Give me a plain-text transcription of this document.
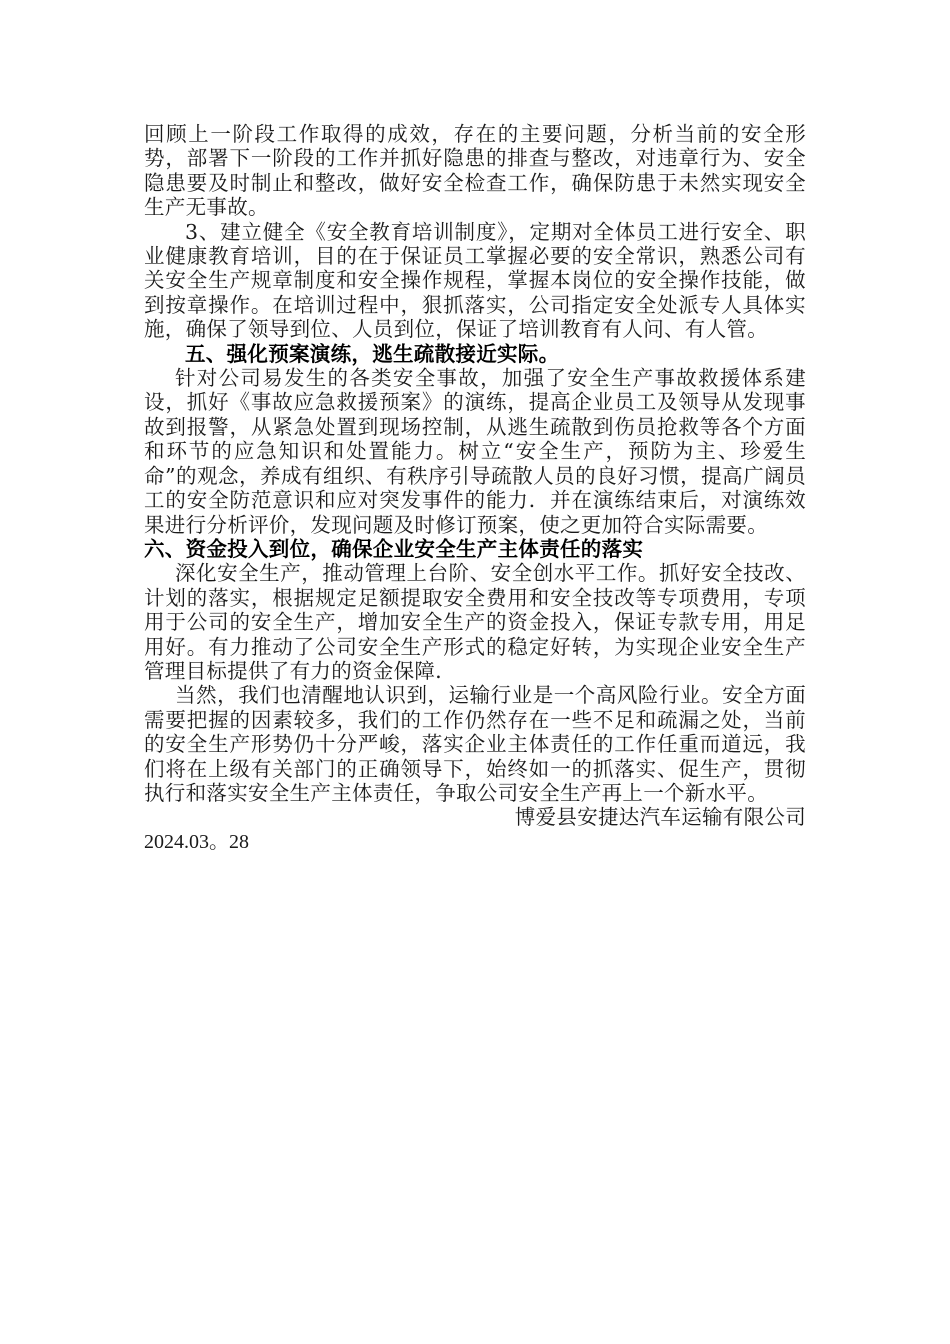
回顾上一阶段工作取得的成效，存在的主要问题，分析当前的安全形势，部署下一阶段的工作并抓好隐患的排查与整改，对违章行为、安全隐患要及时制止和整改，做好安全检查工作，确保防患于未然实现安全生产无事故。

3、建立健全《安全教育培训制度》，定期对全体员工进行安全、职业健康教育培训，目的在于保证员工掌握必要的安全常识，熟悉公司有关安全生产规章制度和安全操作规程，掌握本岗位的安全操作技能，做到按章操作。在培训过程中，狠抓落实，公司指定安全处派专人具体实施，确保了领导到位、人员到位，保证了培训教育有人问、有人管。

五、强化预案演练，逃生疏散接近实际。

针对公司易发生的各类安全事故，加强了安全生产事故救援体系建设，抓好《事故应急救援预案》的演练，提高企业员工及领导从发现事故到报警，从紧急处置到现场控制，从逃生疏散到伤员抢救等各个方面和环节的应急知识和处置能力。树立“安全生产，预防为主、珍爱生命”的观念，养成有组织、有秩序引导疏散人员的良好习惯，提高广阔员工的安全防范意识和应对突发事件的能力．并在演练结束后，对演练效果进行分析评价，发现问题及时修订预案，使之更加符合实际需要。

六、资金投入到位，确保企业安全生产主体责任的落实

深化安全生产，推动管理上台阶、安全创水平工作。抓好安全技改、计划的落实，根据规定足额提取安全费用和安全技改等专项费用，专项用于公司的安全生产，增加安全生产的资金投入，保证专款专用，用足用好。有力推动了公司安全生产形式的稳定好转，为实现企业安全生产管理目标提供了有力的资金保障．

当然，我们也清醒地认识到，运输行业是一个高风险行业。安全方面需要把握的因素较多，我们的工作仍然存在一些不足和疏漏之处，当前的安全生产形势仍十分严峻，落实企业主体责任的工作任重而道远，我们将在上级有关部门的正确领导下，始终如一的抓落实、促生产，贯彻执行和落实安全生产主体责任，争取公司安全生产再上一个新水平。

博爱县安捷达汽车运输有限公司

2024.03。28
